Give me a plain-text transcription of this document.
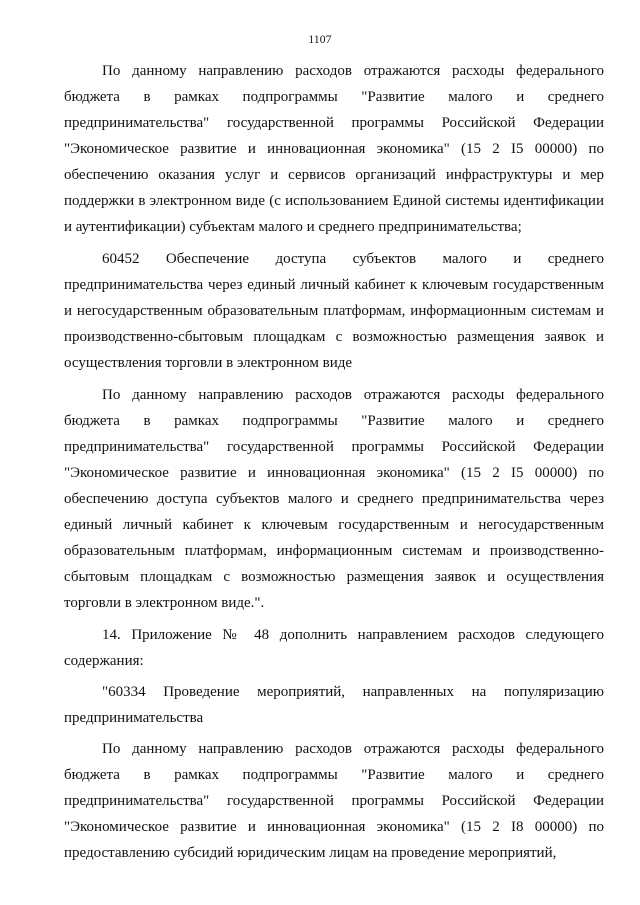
1107

По данному направлению расходов отражаются расходы федерального бюджета в рамках подпрограммы "Развитие малого и среднего предпринимательства" государственной программы Российской Федерации "Экономическое развитие и инновационная экономика" (15 2 I5 00000) по обеспечению оказания услуг и сервисов организаций инфраструктуры и мер поддержки в электронном виде (с использованием Единой системы идентификации и аутентификации) субъектам малого и среднего предпринимательства;

60452 Обеспечение доступа субъектов малого и среднего предпринимательства через единый личный кабинет к ключевым государственным и негосударственным образовательным платформам, информационным системам и производственно-сбытовым площадкам с возможностью размещения заявок и осуществления торговли в электронном виде

По данному направлению расходов отражаются расходы федерального бюджета в рамках подпрограммы "Развитие малого и среднего предпринимательства" государственной программы Российской Федерации "Экономическое развитие и инновационная экономика" (15 2 I5 00000) по обеспечению доступа субъектов малого и среднего предпринимательства через единый личный кабинет к ключевым государственным и негосударственным образовательным платформам, информационным системам и производственно-сбытовым площадкам с возможностью размещения заявок и осуществления торговли в электронном виде.".

14. Приложение № 48 дополнить направлением расходов следующего содержания:

"60334 Проведение мероприятий, направленных на популяризацию предпринимательства

По данному направлению расходов отражаются расходы федерального бюджета в рамках подпрограммы "Развитие малого и среднего предпринимательства" государственной программы Российской Федерации "Экономическое развитие и инновационная экономика" (15 2 I8 00000) по предоставлению субсидий юридическим лицам на проведение мероприятий,
